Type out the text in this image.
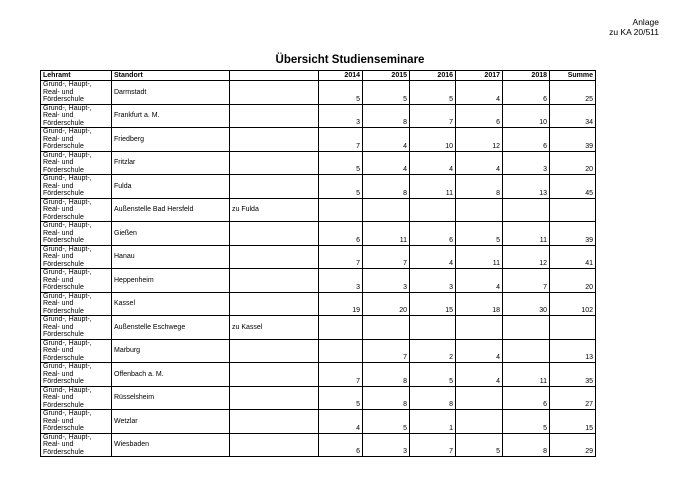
Anlage
zu KA 20/511
Übersicht Studienseminare
Lehramt	Standort		2014	2015	2016	2017	2018	Summe
Grund-, Haupt-, Real- und Förderschule	Darmstadt		5	5	5	4	6	25
Grund-, Haupt-, Real- und Förderschule	Frankfurt a. M.		3	8	7	6	10	34
Grund-, Haupt-, Real- und Förderschule	Friedberg		7	4	10	12	6	39
Grund-, Haupt-, Real- und Förderschule	Fritzlar		5	4	4	4	3	20
Grund-, Haupt-, Real- und Förderschule	Fulda		5	8	11	8	13	45
Grund-, Haupt-, Real- und Förderschule	Außenstelle Bad Hersfeld	zu Fulda						
Grund-, Haupt-, Real- und Förderschule	Gießen		6	11	6	5	11	39
Grund-, Haupt-, Real- und Förderschule	Hanau		7	7	4	11	12	41
Grund-, Haupt-, Real- und Förderschule	Heppenheim		3	3	3	4	7	20
Grund-, Haupt-, Real- und Förderschule	Kassel		19	20	15	18	30	102
Grund-, Haupt-, Real- und Förderschule	Außenstelle Eschwege	zu Kassel						
Grund-, Haupt-, Real- und Förderschule	Marburg			7	2	4		13
Grund-, Haupt-, Real- und Förderschule	Offenbach a. M.		7	8	5	4	11	35
Grund-, Haupt-, Real- und Förderschule	Rüsselsheim		5	8	8		6	27
Grund-, Haupt-, Real- und Förderschule	Wetzlar		4	5	1		5	15
Grund-, Haupt-, Real- und Förderschule	Wiesbaden		6	3	7	5	8	29
